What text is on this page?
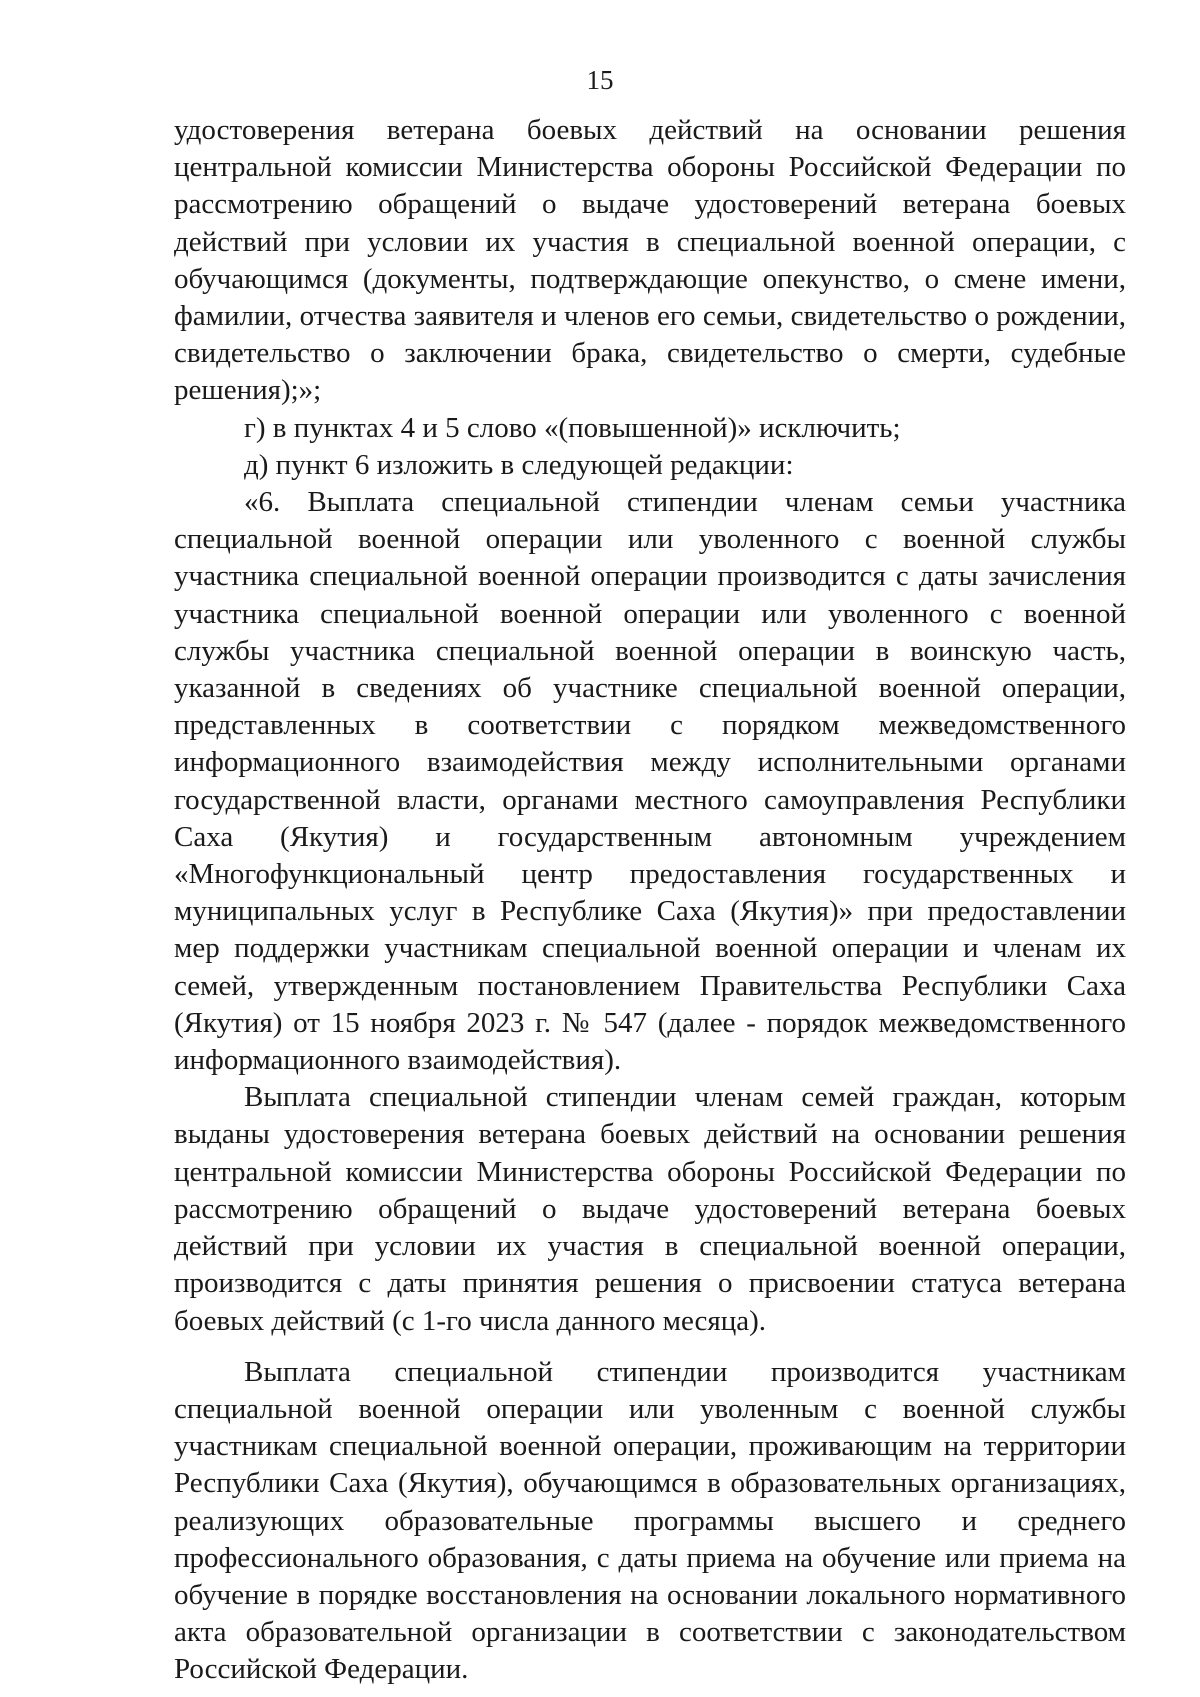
15

удостоверения ветерана боевых действий на основании решения центральной комиссии Министерства обороны Российской Федерации по рассмотрению обращений о выдаче удостоверений ветерана боевых действий при условии их участия в специальной военной операции, с обучающимся (документы, подтверждающие опекунство, о смене имени, фамилии, отчества заявителя и членов его семьи, свидетельство о рождении, свидетельство о заключении брака, свидетельство о смерти, судебные решения);»;

г) в пунктах 4 и 5 слово «(повышенной)» исключить;

д) пункт 6 изложить в следующей редакции:

«6. Выплата специальной стипендии членам семьи участника специальной военной операции или уволенного с военной службы участника специальной военной операции производится с даты зачисления участника специальной военной операции или уволенного с военной службы участника специальной военной операции в воинскую часть, указанной в сведениях об участнике специальной военной операции, представленных в соответствии с порядком межведомственного информационного взаимодействия между исполнительными органами государственной власти, органами местного самоуправления Республики Саха (Якутия) и государственным автономным учреждением «Многофункциональный центр предоставления государственных и муниципальных услуг в Республике Саха (Якутия)» при предоставлении мер поддержки участникам специальной военной операции и членам их семей, утвержденным постановлением Правительства Республики Саха (Якутия) от 15 ноября 2023 г. № 547 (далее - порядок межведомственного информационного взаимодействия).

Выплата специальной стипендии членам семей граждан, которым выданы удостоверения ветерана боевых действий на основании решения центральной комиссии Министерства обороны Российской Федерации по рассмотрению обращений о выдаче удостоверений ветерана боевых действий при условии их участия в специальной военной операции, производится с даты принятия решения о присвоении статуса ветерана боевых действий (с 1-го числа данного месяца).

Выплата специальной стипендии производится участникам специальной военной операции или уволенным с военной службы участникам специальной военной операции, проживающим на территории Республики Саха (Якутия), обучающимся в образовательных организациях, реализующих образовательные программы высшего и среднего профессионального образования, с даты приема на обучение или приема на обучение в порядке восстановления на основании локального нормативного акта образовательной организации в соответствии с законодательством Российской Федерации.
